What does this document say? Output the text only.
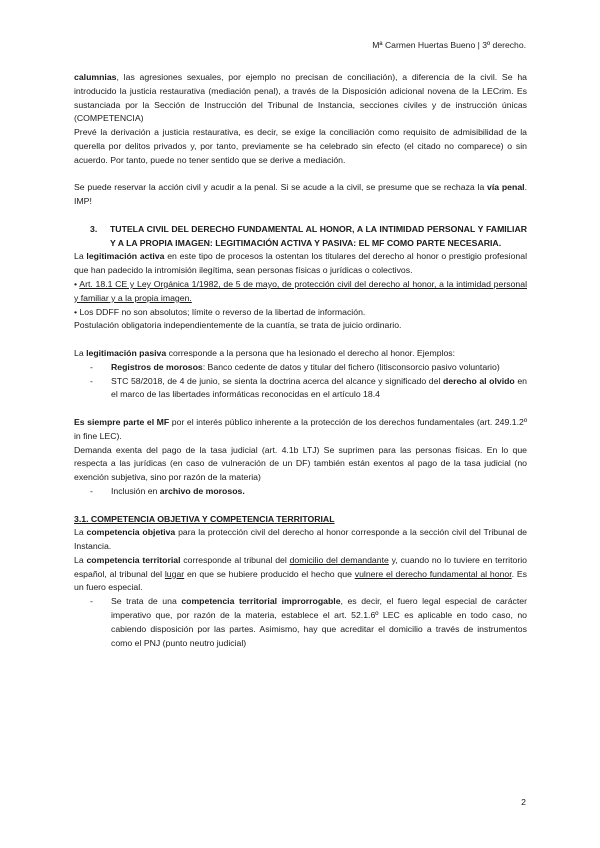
Mª Carmen Huertas Bueno | 3º derecho.

calumnias, las agresiones sexuales, por ejemplo no precisan de conciliación), a diferencia de la civil. Se ha introducido la justicia restaurativa (mediación penal), a través de la Disposición adicional novena de la LECrim. Es sustanciada por la Sección de Instrucción del Tribunal de Instancia, secciones civiles y de instrucción únicas (COMPETENCIA)

Prevé la derivación a justicia restaurativa, es decir, se exige la conciliación como requisito de admisibilidad de la querella por delitos privados y, por tanto, previamente se ha celebrado sin efecto (el citado no comparece) o sin acuerdo. Por tanto, puede no tener sentido que se derive a mediación.

Se puede reservar la acción civil y acudir a la penal. Si se acude a la civil, se presume que se rechaza la vía penal. IMP!

3.	TUTELA CIVIL DEL DERECHO FUNDAMENTAL AL HONOR, A LA INTIMIDAD PERSONAL Y FAMILIAR Y A LA PROPIA IMAGEN: LEGITIMACIÓN ACTIVA Y PASIVA: EL MF COMO PARTE NECESARIA.

La legitimación activa en este tipo de procesos la ostentan los titulares del derecho al honor o prestigio profesional que han padecido la intromisión ilegítima, sean personas físicas o jurídicas o colectivos.

• Art. 18.1 CE y Ley Orgánica 1/1982, de 5 de mayo, de protección civil del derecho al honor, a la intimidad personal y familiar y a la propia imagen.

• Los DDFF no son absolutos; límite o reverso de la libertad de información.

Postulación obligatoria independientemente de la cuantía, se trata de juicio ordinario.

La legitimación pasiva corresponde a la persona que ha lesionado el derecho al honor. Ejemplos:

-	Registros de morosos: Banco cedente de datos y titular del fichero (litisconsorcio pasivo voluntario)
-	STC 58/2018, de 4 de junio, se sienta la doctrina acerca del alcance y significado del derecho al olvido en el marco de las libertades informáticas reconocidas en el artículo 18.4

Es siempre parte el MF por el interés público inherente a la protección de los derechos fundamentales (art. 249.1.2º in fine LEC).

Demanda exenta del pago de la tasa judicial (art. 4.1b LTJ) Se suprimen para las personas físicas. En lo que respecta a las jurídicas (en caso de vulneración de un DF) también están exentos al pago de la tasa judicial (no exención subjetiva, sino por razón de la materia)

-	Inclusión en archivo de morosos.

3.1. COMPETENCIA OBJETIVA Y COMPETENCIA TERRITORIAL

La competencia objetiva para la protección civil del derecho al honor corresponde a la sección civil del Tribunal de Instancia.

La competencia territorial corresponde al tribunal del domicilio del demandante y, cuando no lo tuviere en territorio español, al tribunal del lugar en que se hubiere producido el hecho que vulnere el derecho fundamental al honor. Es un fuero especial.

-	Se trata de una competencia territorial improrrogable, es decir, el fuero legal especial de carácter imperativo que, por razón de la materia, establece el art. 52.1.6º LEC es aplicable en todo caso, no cabiendo disposición por las partes. Asimismo, hay que acreditar el domicilio a través de instrumentos como el PNJ (punto neutro judicial)
2
